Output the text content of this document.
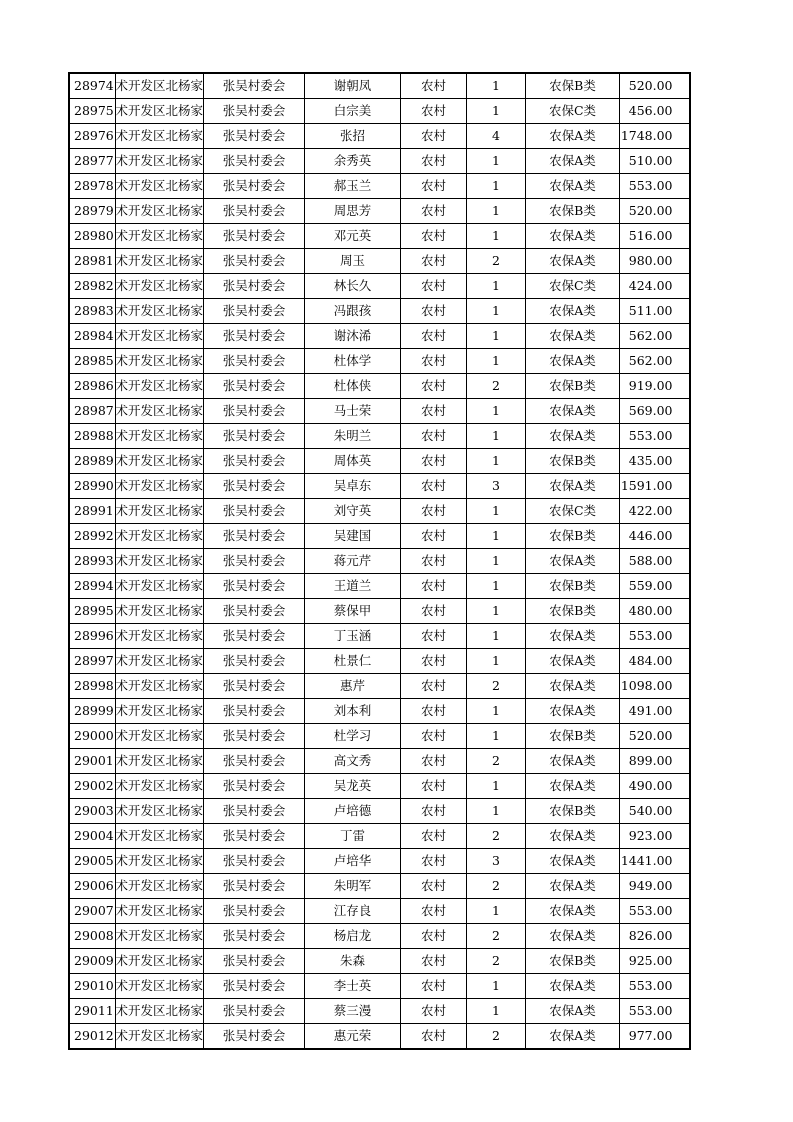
28974	术开发区北杨家	张吴村委会	谢朝凤	农村	1	农保B类	520.00
28975	术开发区北杨家	张吴村委会	白宗美	农村	1	农保C类	456.00
28976	术开发区北杨家	张吴村委会	张招	农村	4	农保A类	1748.00
28977	术开发区北杨家	张吴村委会	余秀英	农村	1	农保A类	510.00
28978	术开发区北杨家	张吴村委会	郝玉兰	农村	1	农保A类	553.00
28979	术开发区北杨家	张吴村委会	周思芳	农村	1	农保B类	520.00
28980	术开发区北杨家	张吴村委会	邓元英	农村	1	农保A类	516.00
28981	术开发区北杨家	张吴村委会	周玉	农村	2	农保A类	980.00
28982	术开发区北杨家	张吴村委会	林长久	农村	1	农保C类	424.00
28983	术开发区北杨家	张吴村委会	冯跟孩	农村	1	农保A类	511.00
28984	术开发区北杨家	张吴村委会	谢沐浠	农村	1	农保A类	562.00
28985	术开发区北杨家	张吴村委会	杜体学	农村	1	农保A类	562.00
28986	术开发区北杨家	张吴村委会	杜体侠	农村	2	农保B类	919.00
28987	术开发区北杨家	张吴村委会	马士荣	农村	1	农保A类	569.00
28988	术开发区北杨家	张吴村委会	朱明兰	农村	1	农保A类	553.00
28989	术开发区北杨家	张吴村委会	周体英	农村	1	农保B类	435.00
28990	术开发区北杨家	张吴村委会	吴卓东	农村	3	农保A类	1591.00
28991	术开发区北杨家	张吴村委会	刘守英	农村	1	农保C类	422.00
28992	术开发区北杨家	张吴村委会	吴建国	农村	1	农保B类	446.00
28993	术开发区北杨家	张吴村委会	蒋元芹	农村	1	农保A类	588.00
28994	术开发区北杨家	张吴村委会	王道兰	农村	1	农保B类	559.00
28995	术开发区北杨家	张吴村委会	蔡保甲	农村	1	农保B类	480.00
28996	术开发区北杨家	张吴村委会	丁玉涵	农村	1	农保A类	553.00
28997	术开发区北杨家	张吴村委会	杜景仁	农村	1	农保A类	484.00
28998	术开发区北杨家	张吴村委会	惠芹	农村	2	农保A类	1098.00
28999	术开发区北杨家	张吴村委会	刘本利	农村	1	农保A类	491.00
29000	术开发区北杨家	张吴村委会	杜学习	农村	1	农保B类	520.00
29001	术开发区北杨家	张吴村委会	高文秀	农村	2	农保A类	899.00
29002	术开发区北杨家	张吴村委会	吴龙英	农村	1	农保A类	490.00
29003	术开发区北杨家	张吴村委会	卢培德	农村	1	农保B类	540.00
29004	术开发区北杨家	张吴村委会	丁雷	农村	2	农保A类	923.00
29005	术开发区北杨家	张吴村委会	卢培华	农村	3	农保A类	1441.00
29006	术开发区北杨家	张吴村委会	朱明军	农村	2	农保A类	949.00
29007	术开发区北杨家	张吴村委会	江存良	农村	1	农保A类	553.00
29008	术开发区北杨家	张吴村委会	杨启龙	农村	2	农保A类	826.00
29009	术开发区北杨家	张吴村委会	朱森	农村	2	农保B类	925.00
29010	术开发区北杨家	张吴村委会	李士英	农村	1	农保A类	553.00
29011	术开发区北杨家	张吴村委会	蔡三漫	农村	1	农保A类	553.00
29012	术开发区北杨家	张吴村委会	惠元荣	农村	2	农保A类	977.00
